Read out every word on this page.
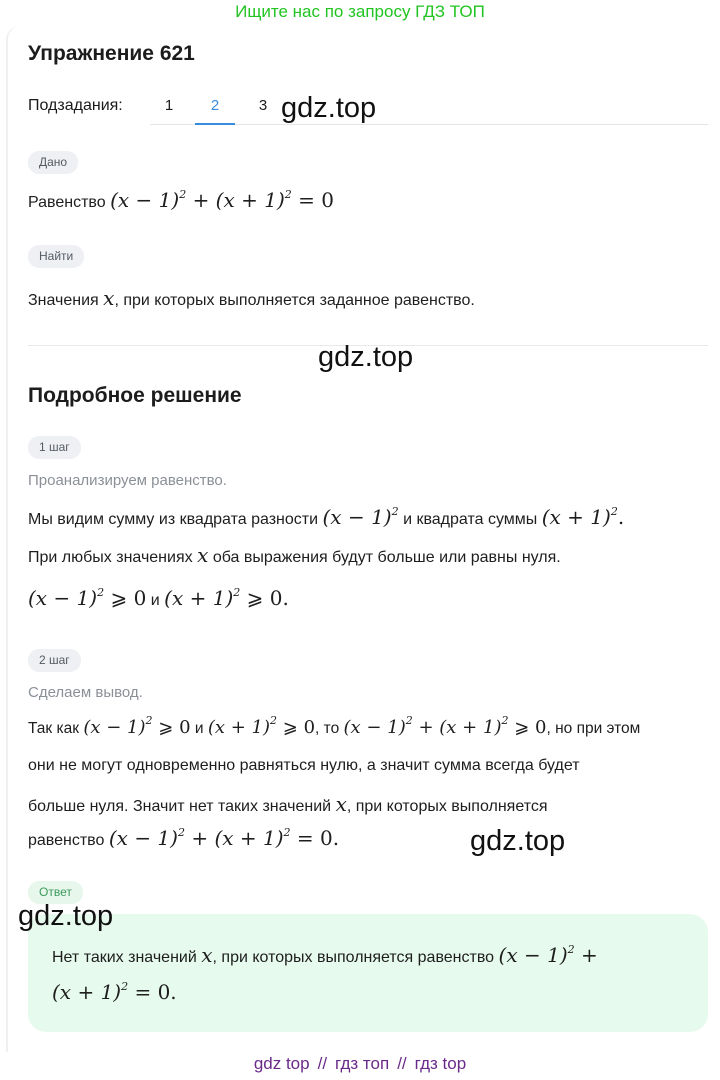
Ищите нас по запросу ГДЗ ТОП
Упражнение 621
Подзадания:	1	2	3
Дано
Равенство $(x - 1)^2 + (x + 1)^2 = 0$
Найти
Значения x, при которых выполняется заданное равенство.
Подробное решение
1 шаг
Проанализируем равенство.
Мы видим сумму из квадрата разности $(x - 1)^2$ и квадрата суммы $(x + 1)^2$.
При любых значениях x оба выражения будут больше или равны нуля.
$(x - 1)^2$ ⩾ 0 и $(x + 1)^2$ ⩾ 0.
2 шаг
Сделаем вывод.
Так как $(x - 1)^2$ ⩾ 0 и $(x + 1)^2$ ⩾ 0, то $(x - 1)^2 + (x + 1)^2$ ⩾ 0, но при этом
они не могут одновременно равняться нулю, а значит сумма всегда будет
больше нуля. Значит нет таких значений x, при которых выполняется
равенство $(x - 1)^2 + (x + 1)^2 = 0$.
Ответ
Нет таких значений x, при которых выполняется равенство $(x - 1)^2$ +
$(x + 1)^2 = 0$.
gdz.top
gdz.top
gdz.top
gdz.top
gdz top // гдз топ // гдз top
